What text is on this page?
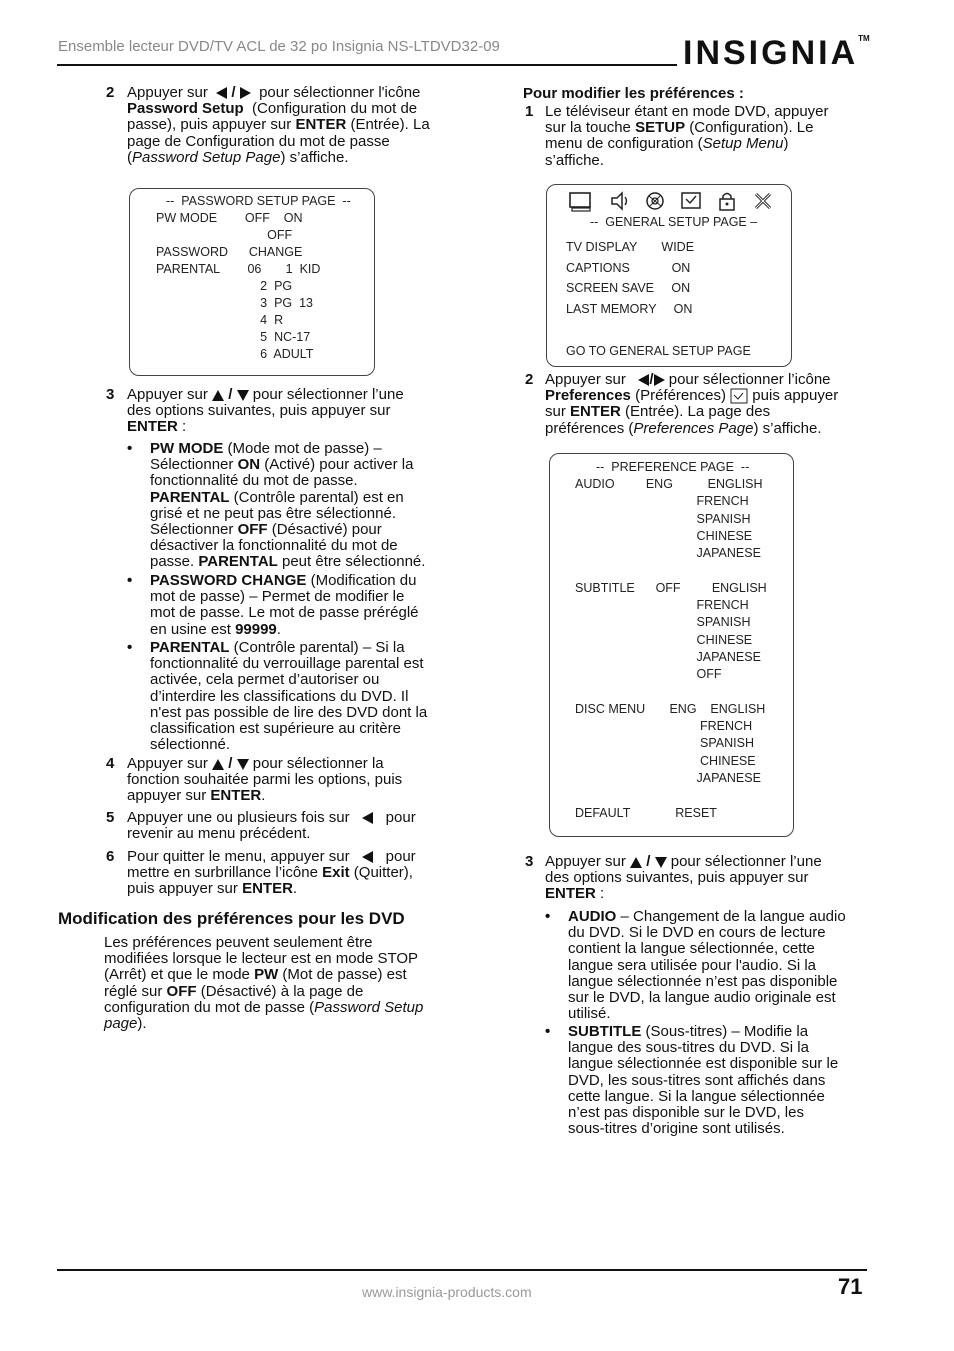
Ensemble lecteur DVD/TV ACL de 32 po Insignia NS-LTDVD32-09	INSIGNIA™
2 Appuyer sur   /   pour sélectionner l'icône
Password Setup (Configuration du mot de
passe), puis appuyer sur ENTER (Entrée). La
page de Configuration du mot de passe
(Password Setup Page) s’affiche.
--  PASSWORD SETUP PAGE  --
PW MODE        OFF    ON
OFF
PASSWORD      CHANGE
PARENTAL        06       1  KID
2  PG
3  PG  13
4  R
5  NC-17
6  ADULT
3 Appuyer sur  /  pour sélectionner l’une
des options suivantes, puis appuyer sur
ENTER :
• PW MODE (Mode mot de passe) –
Sélectionner ON (Activé) pour activer la
fonctionnalité du mot de passe.
PARENTAL (Contrôle parental) est en
grisé et ne peut pas être sélectionné.
Sélectionner OFF (Désactivé) pour
désactiver la fonctionnalité du mot de
passe. PARENTAL peut être sélectionné.
• PASSWORD CHANGE (Modification du
mot de passe) – Permet de modifier le
mot de passe. Le mot de passe préréglé
en usine est 99999.
• PARENTAL (Contrôle parental) – Si la
fonctionnalité du verrouillage parental est
activée, cela permet d’autoriser ou
d’interdire les classifications du DVD. Il
n'est pas possible de lire des DVD dont la
classification est supérieure au critère
sélectionné.
4 Appuyer sur  /  pour sélectionner la
fonction souhaitée parmi les options, puis
appuyer sur ENTER.
5 Appuyer une ou plusieurs fois sur pour
revenir au menu précédent.
6 Pour quitter le menu, appuyer sur pour
mettre en surbrillance l’icône Exit (Quitter),
puis appuyer sur ENTER.
Modification des préférences pour les DVD
Les préférences peuvent seulement être
modifiées lorsque le lecteur est en mode STOP
(Arrêt) et que le mode PW (Mot de passe) est
réglé sur OFF (Désactivé) à la page de
configuration du mot de passe (Password Setup
page).
Pour modifier les préférences :
1 Le téléviseur étant en mode DVD, appuyer
sur la touche SETUP (Configuration). Le
menu de configuration (Setup Menu)
s’affiche.
--  GENERAL SETUP PAGE –
TV DISPLAY       WIDE
CAPTIONS            ON
SCREEN SAVE     ON
LAST MEMORY     ON
GO TO GENERAL SETUP PAGE
2 Appuyer sur / pour sélectionner l’icône
Preferences (Préférences) puis appuyer
sur ENTER (Entrée). La page des
préférences (Preferences Page) s’affiche.
--  PREFERENCE PAGE  --
AUDIO         ENG          ENGLISH
FRENCH
SPANISH
CHINESE
JAPANESE

SUBTITLE      OFF         ENGLISH
FRENCH
SPANISH
CHINESE
JAPANESE
OFF

DISC MENU       ENG    ENGLISH
FRENCH
SPANISH
CHINESE
JAPANESE

DEFAULT             RESET
3 Appuyer sur  /  pour sélectionner l’une
des options suivantes, puis appuyer sur
ENTER :
• AUDIO – Changement de la langue audio
du DVD. Si le DVD en cours de lecture
contient la langue sélectionnée, cette
langue sera utilisée pour l'audio. Si la
langue sélectionnée n’est pas disponible
sur le DVD, la langue audio originale est
utilisé.
• SUBTITLE (Sous-titres) – Modifie la
langue des sous-titres du DVD. Si la
langue sélectionnée est disponible sur le
DVD, les sous-titres sont affichés dans
cette langue. Si la langue sélectionnée
n’est pas disponible sur le DVD, les
sous-titres d’origine sont utilisés.
www.insignia-products.com	71
